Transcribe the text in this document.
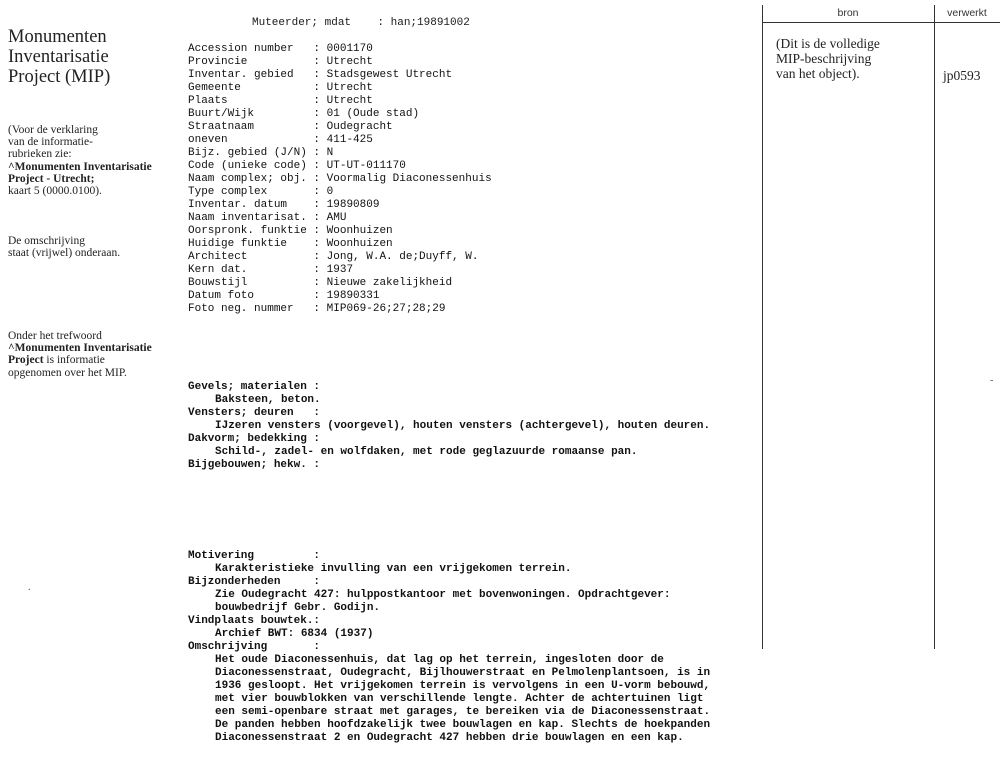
Monumenten
Inventarisatie
Project (MIP)
(Voor de verklaring
van de informatie-
rubrieken zie:
^Monumenten Inventarisatie
Project - Utrecht;
kaart 5 (0000.0100).
De omschrijving
staat (vrijwel) onderaan.
Onder het trefwoord
^Monumenten Inventarisatie
Project is informatie
opgenomen over het MIP.
.
Muteerder; mdat    : han;19891002

Accession number   : 0001170
Provincie          : Utrecht
Inventar. gebied   : Stadsgewest Utrecht
Gemeente           : Utrecht
Plaats             : Utrecht
Buurt/Wijk         : 01 (Oude stad)
Straatnaam         : Oudegracht
oneven             : 411-425
Bijz. gebied (J/N) : N
Code (unieke code) : UT-UT-011170
Naam complex; obj. : Voormalig Diaconessenhuis
Type complex       : 0
Inventar. datum    : 19890809
Naam inventarisat. : AMU
Oorspronk. funktie : Woonhuizen
Huidige funktie    : Woonhuizen
Architect          : Jong, W.A. de;Duyff, W.
Kern dat.          : 1937
Bouwstijl          : Nieuwe zakelijkheid
Datum foto         : 19890331
Foto neg. nummer   : MIP069-26;27;28;29

Gevels; materialen :
Baksteen, beton.
Vensters; deuren   :
IJzeren vensters (voorgevel), houten vensters (achtergevel), houten deuren.
Dakvorm; bedekking :
Schild-, zadel- en wolfdaken, met rode geglazuurde romaanse pan.
Bijgebouwen; hekw. :

Motivering         :
Karakteristieke invulling van een vrijgekomen terrein.
Bijzonderheden     :
Zie Oudegracht 427: hulppostkantoor met bovenwoningen. Opdrachtgever:
bouwbedrijf Gebr. Godijn.
Vindplaats bouwtek.:
Archief BWT: 6834 (1937)
Omschrijving       :
Het oude Diaconessenhuis, dat lag op het terrein, ingesloten door de
Diaconessenstraat, Oudegracht, Bijlhouwerstraat en Pelmolenplantsoen, is in
1936 gesloopt. Het vrijgekomen terrein is vervolgens in een U-vorm bebouwd,
met vier bouwblokken van verschillende lengte. Achter de achtertuinen ligt
een semi-openbare straat met garages, te bereiken via de Diaconessenstraat.
De panden hebben hoofdzakelijk twee bouwlagen en kap. Slechts de hoekpanden
Diaconessenstraat 2 en Oudegracht 427 hebben drie bouwlagen en een kap.

bron	verwerkt
(Dit is de volledige
MIP-beschrijving
van het object).	jp0593
-
